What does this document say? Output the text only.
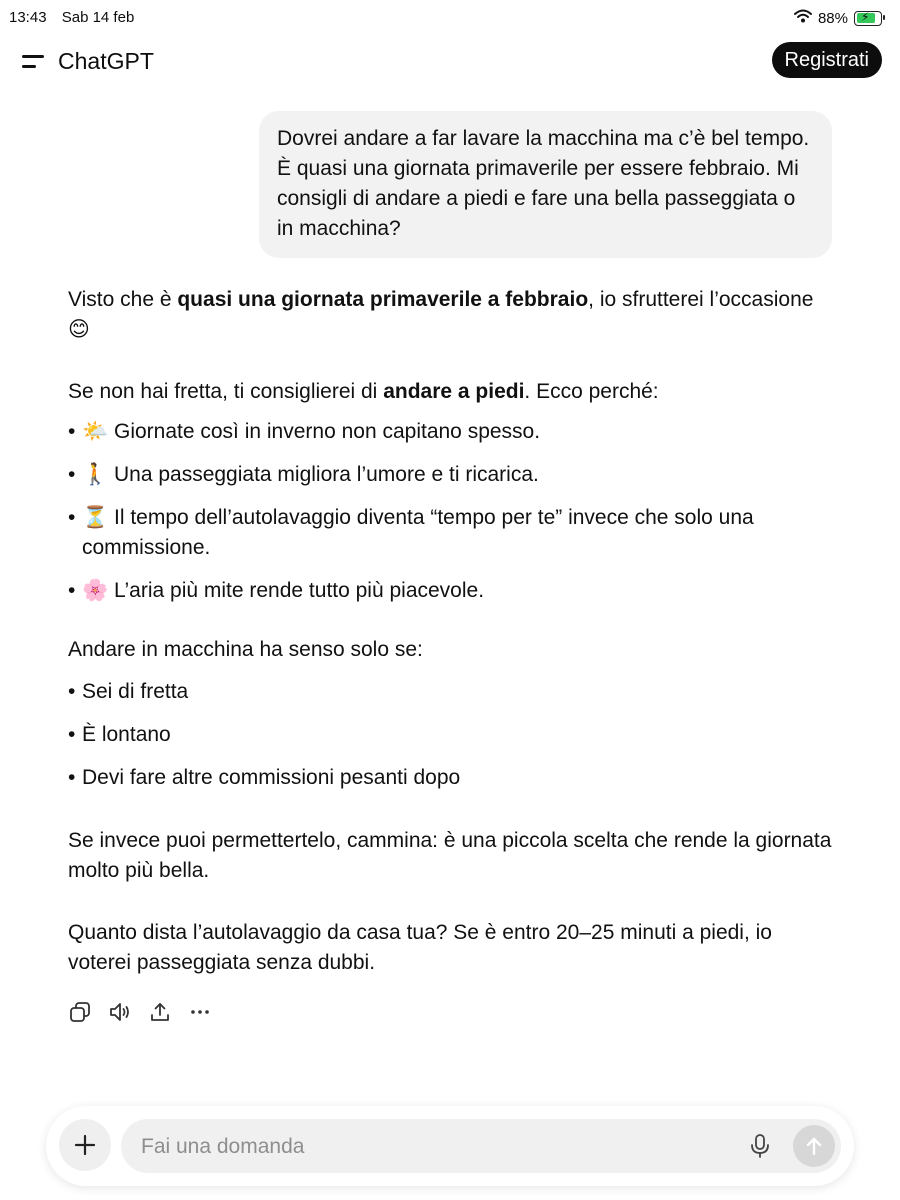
13:43 Sab 14 feb	88% ⚡
ChatGPT	Registrati
Dovrei andare a far lavare la macchina ma c’è bel tempo. È quasi una giornata primaverile per essere febbraio. Mi consigli di andare a piedi e fare una bella passeggiata o in macchina?

Visto che è quasi una giornata primaverile a febbraio, io sfrutterei l’occasione 😊

Se non hai fretta, ti consiglierei di andare a piedi. Ecco perché:

• 🌤️ Giornate così in inverno non capitano spesso.
• 🚶 Una passeggiata migliora l’umore e ti ricarica.
• ⏳ Il tempo dell’autolavaggio diventa “tempo per te” invece che solo una commissione.
• 🌸 L’aria più mite rende tutto più piacevole.

Andare in macchina ha senso solo se:

• Sei di fretta
• È lontano
• Devi fare altre commissioni pesanti dopo

Se invece puoi permettertelo, cammina: è una piccola scelta che rende la giornata molto più bella.

Quanto dista l’autolavaggio da casa tua? Se è entro 20–25 minuti a piedi, io voterei passeggiata senza dubbi.

Fai una domanda
